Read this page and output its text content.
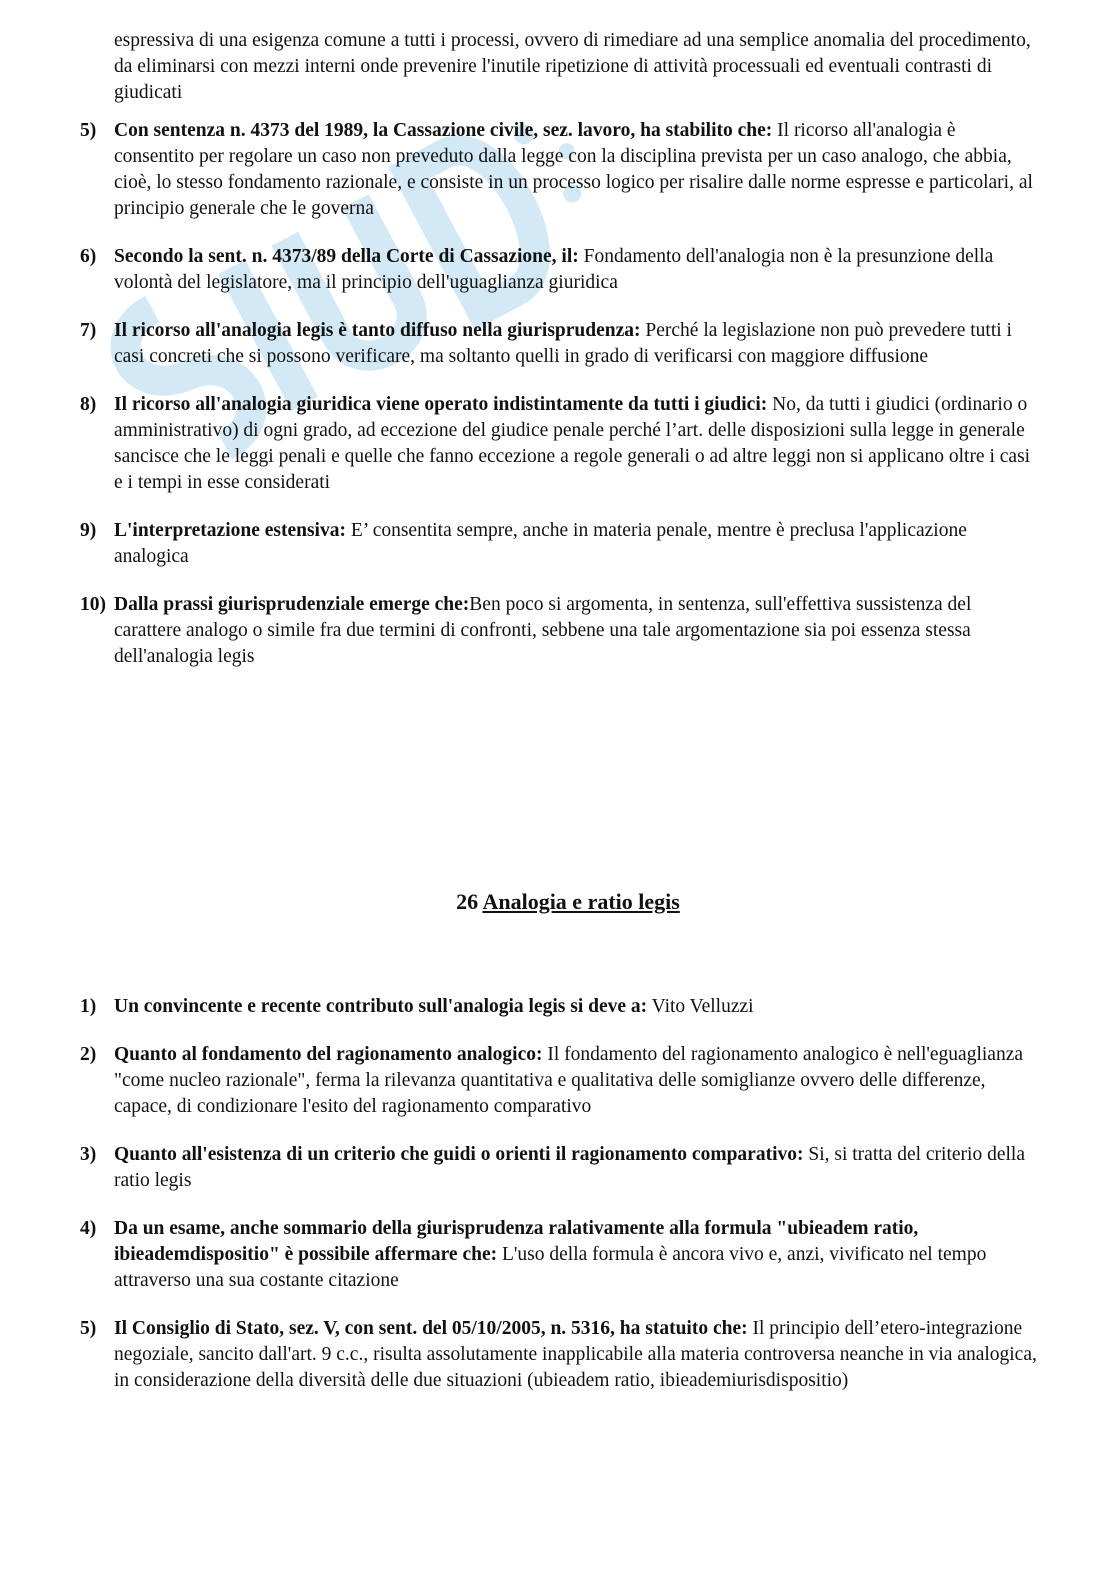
espressiva di una esigenza comune a tutti i processi, ovvero di rimediare ad una semplice anomalia del procedimento, da eliminarsi con mezzi interni onde prevenire l'inutile ripetizione di attività processuali ed eventuali contrasti di giudicati

5) Con sentenza n. 4373 del 1989, la Cassazione civile, sez. lavoro, ha stabilito che: Il ricorso all'analogia è consentito per regolare un caso non preveduto dalla legge con la disciplina prevista per un caso analogo, che abbia, cioè, lo stesso fondamento razionale, e consiste in un processo logico per risalire dalle norme espresse e particolari, al principio generale che le governa
6) Secondo la sent. n. 4373/89 della Corte di Cassazione, il: Fondamento dell'analogia non è la presunzione della volontà del legislatore, ma il principio dell'uguaglianza giuridica
7) Il ricorso all'analogia legis è tanto diffuso nella giurisprudenza: Perché la legislazione non può prevedere tutti i casi concreti che si possono verificare, ma soltanto quelli in grado di verificarsi con maggiore diffusione
8) Il ricorso all'analogia giuridica viene operato indistintamente da tutti i giudici: No, da tutti i giudici (ordinario o amministrativo) di ogni grado, ad eccezione del giudice penale perché l’art. delle disposizioni sulla legge in generale sancisce che le leggi penali e quelle che fanno eccezione a regole generali o ad altre leggi non si applicano oltre i casi e i tempi in esse considerati
9) L'interpretazione estensiva: E’ consentita sempre, anche in materia penale, mentre è preclusa l'applicazione analogica
10) Dalla prassi giurisprudenziale emerge che:Ben poco si argomenta, in sentenza, sull'effettiva sussistenza del carattere analogo o simile fra due termini di confronti, sebbene una tale argomentazione sia poi essenza stessa dell'analogia legis
26 Analogia e ratio legis
1) Un convincente e recente contributo sull'analogia legis si deve a: Vito Velluzzi
2) Quanto al fondamento del ragionamento analogico: Il fondamento del ragionamento analogico è nell'eguaglianza "come nucleo razionale", ferma la rilevanza quantitativa e qualitativa delle somiglianze ovvero delle differenze, capace, di condizionare l'esito del ragionamento comparativo
3) Quanto all'esistenza di un criterio che guidi o orienti il ragionamento comparativo: Si, si tratta del criterio della ratio legis
4) Da un esame, anche sommario della giurisprudenza ralativamente alla formula "ubieadem ratio, ibieademdispositio" è possibile affermare che: L'uso della formula è ancora vivo e, anzi, vivificato nel tempo attraverso una sua costante citazione
5) Il Consiglio di Stato, sez. V, con sent. del 05/10/2005, n. 5316, ha statuito che: Il principio dell’etero-integrazione negoziale, sancito dall'art. 9 c.c., risulta assolutamente inapplicabile alla materia controversa neanche in via analogica, in considerazione della diversità delle due situazioni (ubieadem ratio, ibieademiurisdispositio)
